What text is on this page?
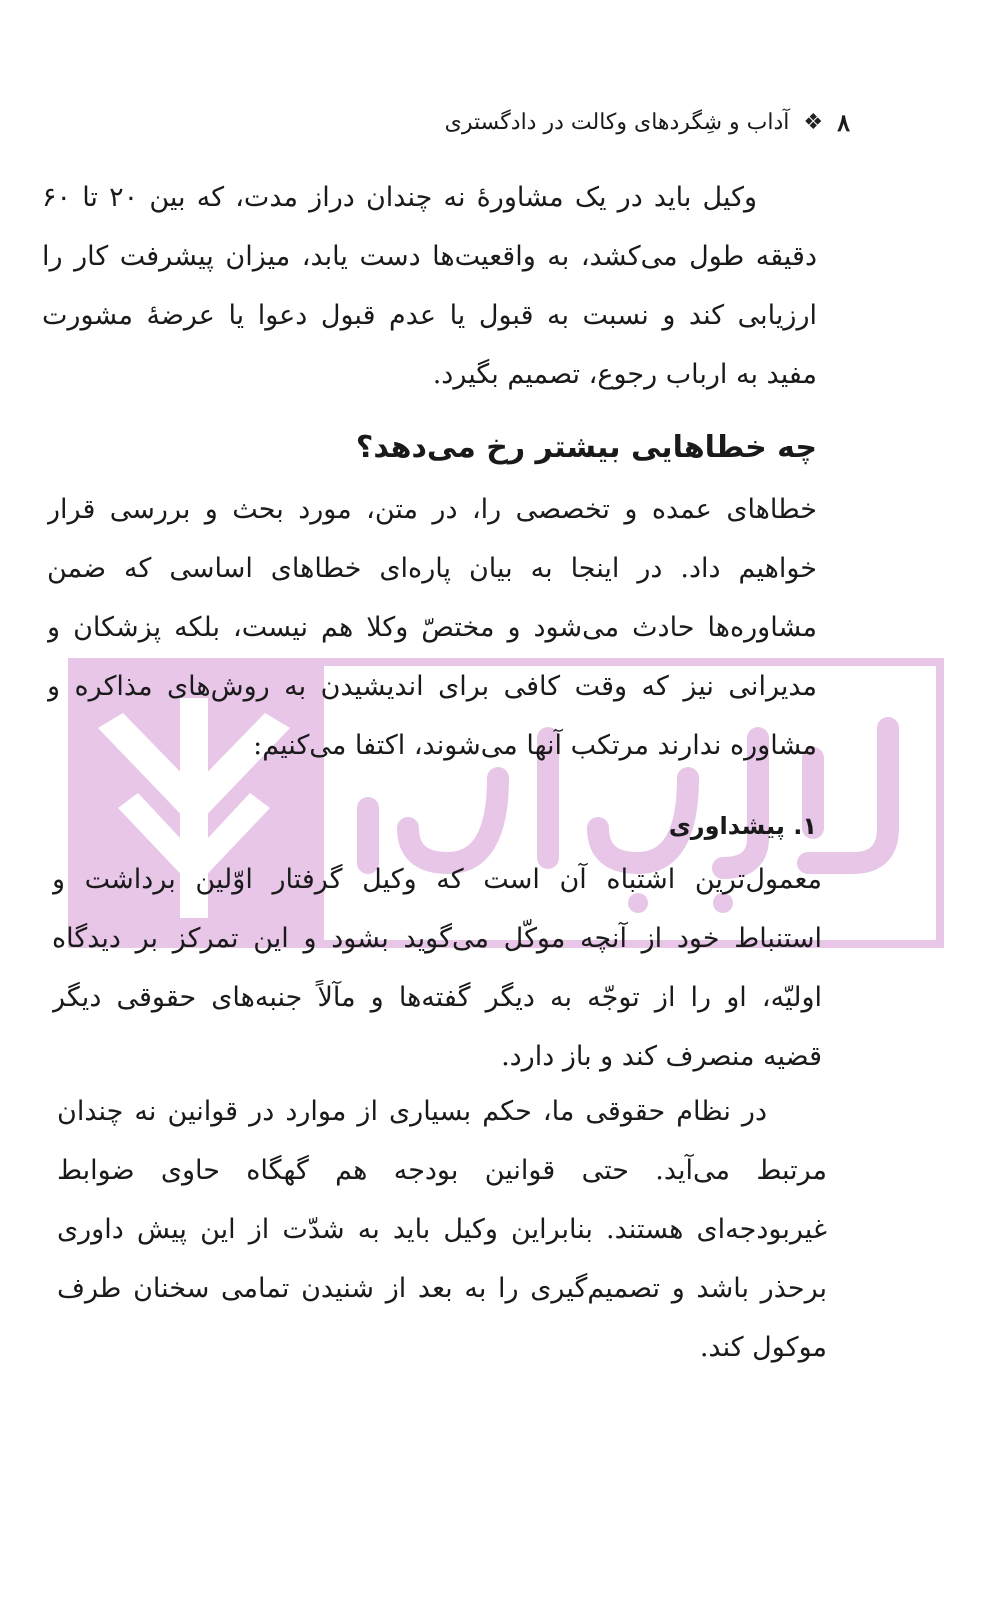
۸
❖
آداب و شِگردهای وکالت در دادگستری
وکیل باید در یک مشاورهٔ نه چندان دراز مدت، که بین ۲۰ تا ۶۰
دقیقه طول می‌کشد، به واقعیت‌ها دست یابد، میزان پیشرفت کار را
ارزیابی کند و نسبت به قبول یا عدم قبول دعوا یا عرضهٔ مشورت
مفید به ارباب رجوع، تصمیم بگیرد.
چه خطاهایی بیشتر رخ می‌دهد؟
خطاهای عمده و تخصصی را، در متن، مورد بحث و بررسی قرار
خواهیم داد. در اینجا به بیان پاره‌ای خطاهای اساسی که ضمن
مشاوره‌ها حادث می‌شود و مختصّ وکلا هم نیست، بلکه پزشکان و
مدیرانی نیز که وقت کافی برای اندیشیدن به روش‌های مذاکره و
مشاوره ندارند مرتکب آنها می‌شوند، اکتفا می‌کنیم:
۱. پیشداوری
معمول‌ترین اشتباه آن است که وکیل گرفتار اوّلین برداشت و
استنباط خود از آنچه موکّل می‌گوید بشود و این تمرکز بر دیدگاه
اولیّه، او را از توجّه به دیگر گفته‌ها و مآلاً جنبه‌های حقوقی دیگر
قضیه منصرف کند و باز دارد.
در نظام حقوقی ما، حکم بسیاری از موارد در قوانین نه چندان
مرتبط می‌آید. حتی قوانین بودجه هم گهگاه حاوی ضوابط
غیربودجه‌ای هستند. بنابراین وکیل باید به شدّت از این پیش داوری
برحذر باشد و تصمیم‌گیری را به بعد از شنیدن تمامی سخنان طرف
موکول کند.
